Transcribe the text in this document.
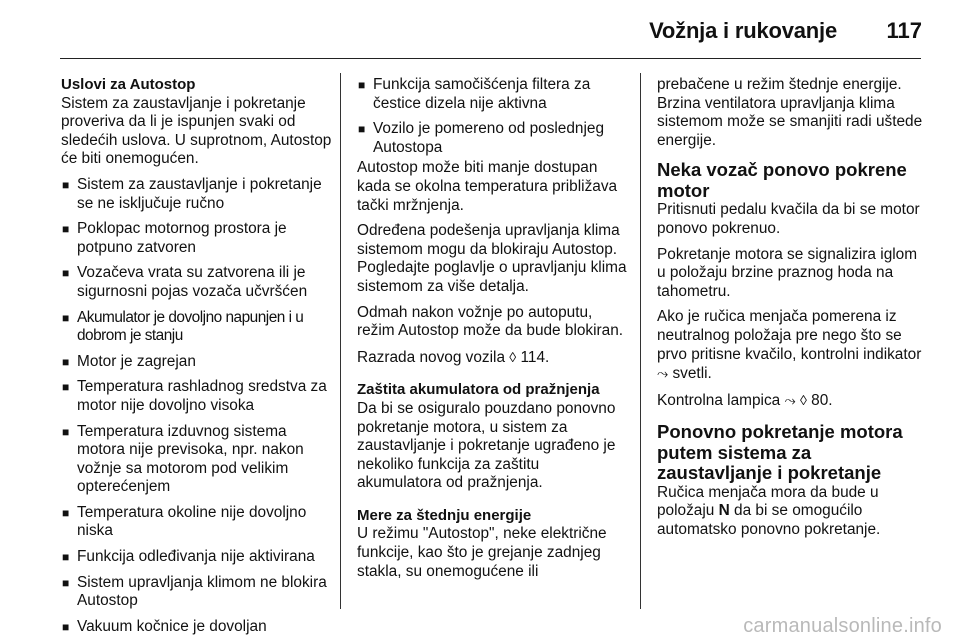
Vožnja i rukovanje 117
Uslovi za Autostop

Sistem za zaustavljanje i pokretanje proveriva da li je ispunjen svaki od sledećih uslova. U suprotnom, Autostop će biti onemogućen.

■ Sistem za zaustavljanje i pokretanje se ne isključuje ručno
■ Poklopac motornog prostora je potpuno zatvoren
■ Vozačeva vrata su zatvorena ili je sigurnosni pojas vozača učvršćen
■ Akumulator je dovoljno napunjen i u dobrom je stanju
■ Motor je zagrejan
■ Temperatura rashladnog sredstva za motor nije dovoljno visoka
■ Temperatura izduvnog sistema motora nije previsoka, npr. nakon vožnje sa motorom pod velikim opterećenjem
■ Temperatura okoline nije dovoljno niska
■ Funkcija odleđivanja nije aktivirana
■ Sistem upravljanja klimom ne blokira Autostop
■ Vakuum kočnice je dovoljan
■ Funkcija samočišćenja filtera za čestice dizela nije aktivna
■ Vozilo je pomereno od poslednjeg Autostopa

Autostop može biti manje dostupan kada se okolna temperatura približava tački mržnjenja.

Određena podešenja upravljanja klima sistemom mogu da blokiraju Autostop. Pogledajte poglavlje o upravljanju klima sistemom za više detalja.

Odmah nakon vožnje po autoputu, režim Autostop može da bude blokiran.

Razrada novog vozila ◊ 114.

Zaštita akumulatora od pražnjenja

Da bi se osiguralo pouzdano ponovno pokretanje motora, u sistem za zaustavljanje i pokretanje ugrađeno je nekoliko funkcija za zaštitu akumulatora od pražnjenja.

Mere za štednju energije

U režimu "Autostop", neke električne funkcije, kao što je grejanje zadnjeg stakla, su onemogućene ili

prebačene u režim štednje energije. Brzina ventilatora upravljanja klima sistemom može se smanjiti radi uštede energije.

Neka vozač ponovo pokrene motor

Pritisnuti pedalu kvačila da bi se motor ponovo pokrenuo.

Pokretanje motora se signalizira iglom u položaju brzine praznog hoda na tahometru.

Ako je ručica menjača pomerena iz neutralnog položaja pre nego što se prvo pritisne kvačilo, kontrolni indikator ⤳ svetli.

Kontrolna lampica ⤳ ◊ 80.

Ponovno pokretanje motora putem sistema za zaustavljanje i pokretanje

Ručica menjača mora da bude u položaju N da bi se omogućilo automatsko ponovno pokretanje.

carmanualsonline.info
